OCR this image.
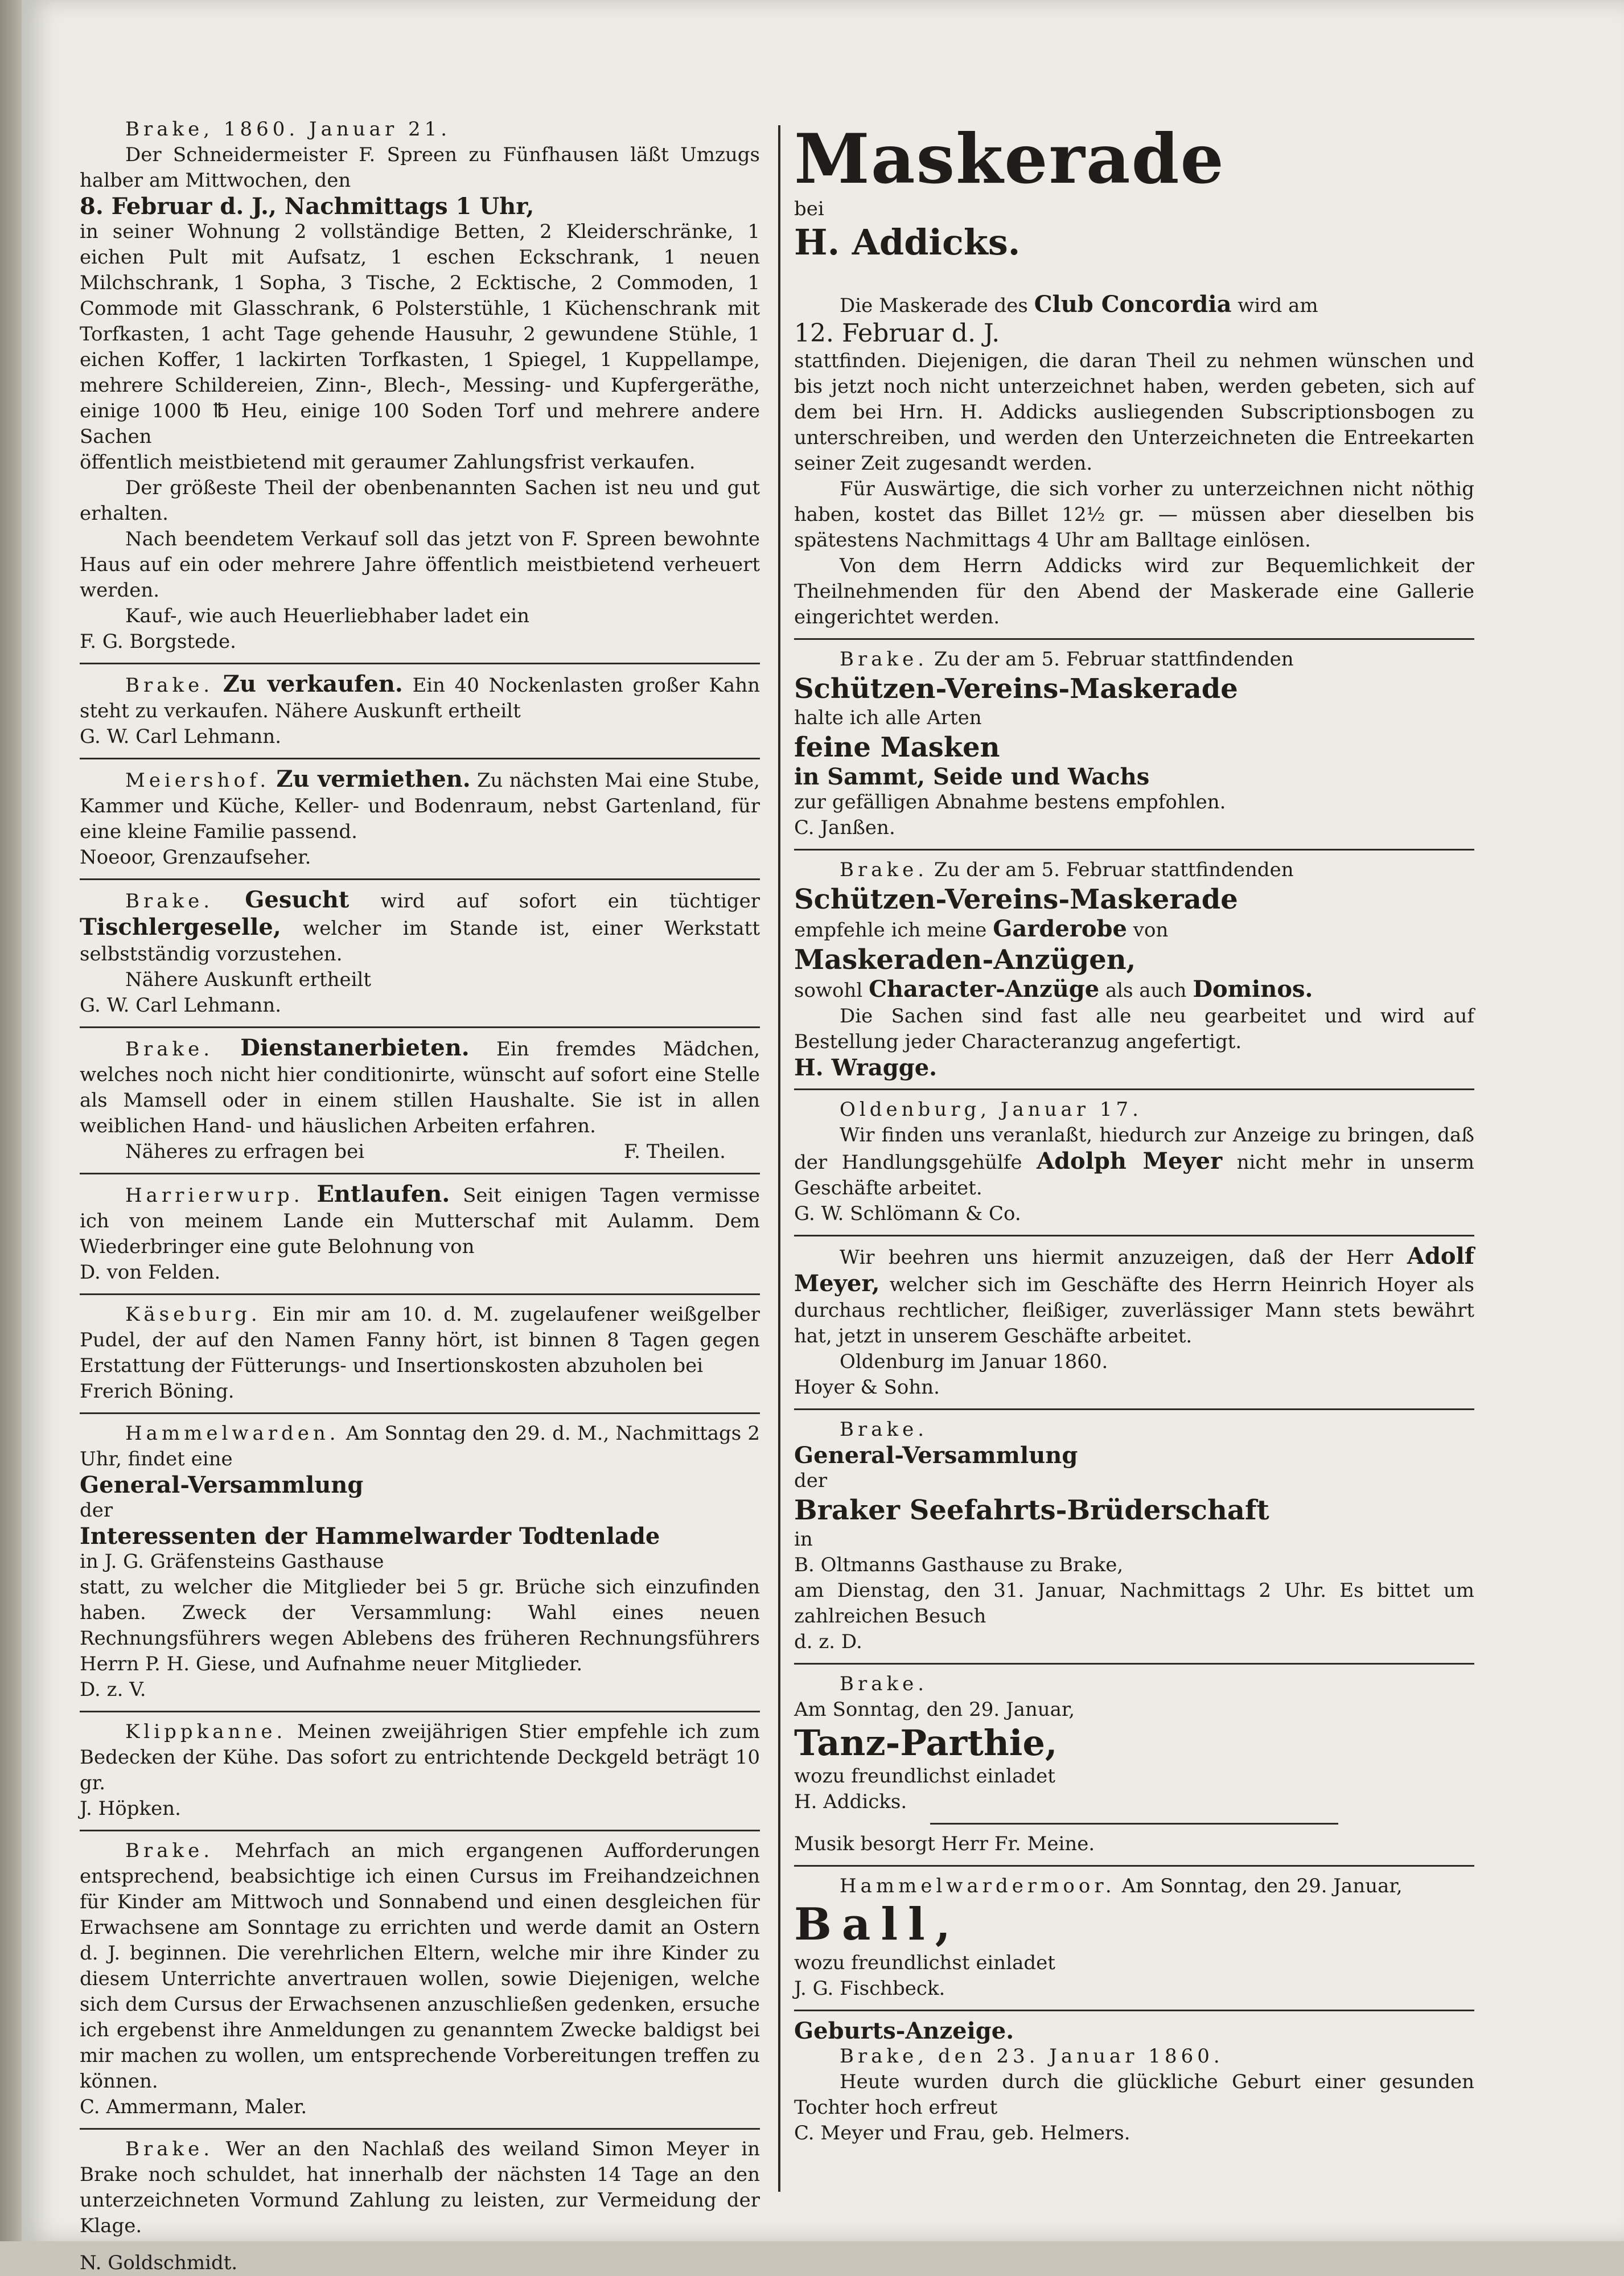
Brake, 1860. Januar 21.

Der Schneidermeister F. Spreen zu Fünfhausen läßt Umzugs halber am Mittwochen, den

8. Februar d. J., Nachmittags 1 Uhr,

in seiner Wohnung 2 vollständige Betten, 2 Kleiderschränke, 1 eichen Pult mit Aufsatz, 1 eschen Eckschrank, 1 neuen Milchschrank, 1 Sopha, 3 Tische, 2 Ecktische, 2 Commoden, 1 Commode mit Glasschrank, 6 Polsterstühle, 1 Küchenschrank mit Torfkasten, 1 acht Tage gehende Hausuhr, 2 gewundene Stühle, 1 eichen Koffer, 1 lackirten Torfkasten, 1 Spiegel, 1 Kuppellampe, mehrere Schildereien, Zinn-, Blech-, Messing- und Kupfergeräthe, einige 1000 ℔ Heu, einige 100 Soden Torf und mehrere andere Sachen

öffentlich meistbietend mit geraumer Zahlungsfrist verkaufen.

Der größeste Theil der obenbenannten Sachen ist neu und gut erhalten.

Nach beendetem Verkauf soll das jetzt von F. Spreen bewohnte Haus auf ein oder mehrere Jahre öffentlich meistbietend verheuert werden.

Kauf-, wie auch Heuerliebhaber ladet ein

F. G. Borgstede.

Brake. Zu verkaufen. Ein 40 Nockenlasten großer Kahn steht zu verkaufen. Nähere Auskunft ertheilt

G. W. Carl Lehmann.

Meiershof. Zu vermiethen. Zu nächsten Mai eine Stube, Kammer und Küche, Keller- und Bodenraum, nebst Gartenland, für eine kleine Familie passend.

Noeoor, Grenzaufseher.

Brake. Gesucht wird auf sofort ein tüchtiger Tischlergeselle, welcher im Stande ist, einer Werkstatt selbstständig vorzustehen.

Nähere Auskunft ertheilt

G. W. Carl Lehmann.

Brake. Dienstanerbieten. Ein fremdes Mädchen, welches noch nicht hier conditionirte, wünscht auf sofort eine Stelle als Mamsell oder in einem stillen Haushalte. Sie ist in allen weiblichen Hand- und häuslichen Arbeiten erfahren.

Näheres zu erfragen bei	F. Theilen.

Harrierwurp. Entlaufen. Seit einigen Tagen vermisse ich von meinem Lande ein Mutterschaf mit Aulamm. Dem Wiederbringer eine gute Belohnung von

D. von Felden.

Käseburg. Ein mir am 10. d. M. zugelaufener weißgelber Pudel, der auf den Namen Fanny hört, ist binnen 8 Tagen gegen Erstattung der Fütterungs- und Insertionskosten abzuholen bei

Frerich Böning.

Hammelwarden. Am Sonntag den 29. d. M., Nachmittags 2 Uhr, findet eine

General-Versammlung

der

Interessenten der Hammelwarder Todtenlade

in J. G. Gräfensteins Gasthause

statt, zu welcher die Mitglieder bei 5 gr. Brüche sich einzufinden haben. Zweck der Versammlung: Wahl eines neuen Rechnungsführers wegen Ablebens des früheren Rechnungsführers Herrn P. H. Giese, und Aufnahme neuer Mitglieder.

D. z. V.

Klippkanne. Meinen zweijährigen Stier empfehle ich zum Bedecken der Kühe. Das sofort zu entrichtende Deckgeld beträgt 10 gr.

J. Höpken.

Brake. Mehrfach an mich ergangenen Aufforderungen entsprechend, beabsichtige ich einen Cursus im Freihandzeichnen für Kinder am Mittwoch und Sonnabend und einen desgleichen für Erwachsene am Sonntage zu errichten und werde damit an Ostern d. J. beginnen. Die verehrlichen Eltern, welche mir ihre Kinder zu diesem Unterrichte anvertrauen wollen, sowie Diejenigen, welche sich dem Cursus der Erwachsenen anzuschließen gedenken, ersuche ich ergebenst ihre Anmeldungen zu genanntem Zwecke baldigst bei mir machen zu wollen, um entsprechende Vorbereitungen treffen zu können.

C. Ammermann, Maler.

Brake. Wer an den Nachlaß des weiland Simon Meyer in Brake noch schuldet, hat innerhalb der nächsten 14 Tage an den unterzeichneten Vormund Zahlung zu leisten, zur Vermeidung der Klage.

N. Goldschmidt.

Maskerade

bei

H. Addicks.

Die Maskerade des Club Concordia wird am

12. Februar d. J.

stattfinden. Diejenigen, die daran Theil zu nehmen wünschen und bis jetzt noch nicht unterzeichnet haben, werden gebeten, sich auf dem bei Hrn. H. Addicks ausliegenden Subscriptionsbogen zu unterschreiben, und werden den Unterzeichneten die Entreekarten seiner Zeit zugesandt werden.

Für Auswärtige, die sich vorher zu unterzeichnen nicht nöthig haben, kostet das Billet 12½ gr. — müssen aber dieselben bis spätestens Nachmittags 4 Uhr am Balltage einlösen.

Von dem Herrn Addicks wird zur Bequemlichkeit der Theilnehmenden für den Abend der Maskerade eine Gallerie eingerichtet werden.

Brake. Zu der am 5. Februar stattfindenden

Schützen-Vereins-Maskerade

halte ich alle Arten

feine Masken

in Sammt, Seide und Wachs

zur gefälligen Abnahme bestens empfohlen.

C. Janßen.

Brake. Zu der am 5. Februar stattfindenden

Schützen-Vereins-Maskerade

empfehle ich meine Garderobe von

Maskeraden-Anzügen,

sowohl Character-Anzüge als auch Dominos.

Die Sachen sind fast alle neu gearbeitet und wird auf Bestellung jeder Characteranzug angefertigt.

H. Wragge.

Oldenburg, Januar 17.

Wir finden uns veranlaßt, hiedurch zur Anzeige zu bringen, daß der Handlungsgehülfe Adolph Meyer nicht mehr in unserm Geschäfte arbeitet.

G. W. Schlömann & Co.

Wir beehren uns hiermit anzuzeigen, daß der Herr Adolf Meyer, welcher sich im Geschäfte des Herrn Heinrich Hoyer als durchaus rechtlicher, fleißiger, zuverlässiger Mann stets bewährt hat, jetzt in unserem Geschäfte arbeitet.

Oldenburg im Januar 1860.

Hoyer & Sohn.

Brake.

General-Versammlung

der

Braker Seefahrts-Brüderschaft

in

B. Oltmanns Gasthause zu Brake,

am Dienstag, den 31. Januar, Nachmittags 2 Uhr. Es bittet um zahlreichen Besuch

d. z. D.

Brake.

Am Sonntag, den 29. Januar,

Tanz-Parthie,

wozu freundlichst einladet

H. Addicks.

Musik besorgt Herr Fr. Meine.

Hammelwardermoor. Am Sonntag, den 29. Januar,

Ball,

wozu freundlichst einladet

J. G. Fischbeck.

Geburts-Anzeige.

Brake, den 23. Januar 1860.

Heute wurden durch die glückliche Geburt einer gesunden Tochter hoch erfreut

C. Meyer und Frau, geb. Helmers.
